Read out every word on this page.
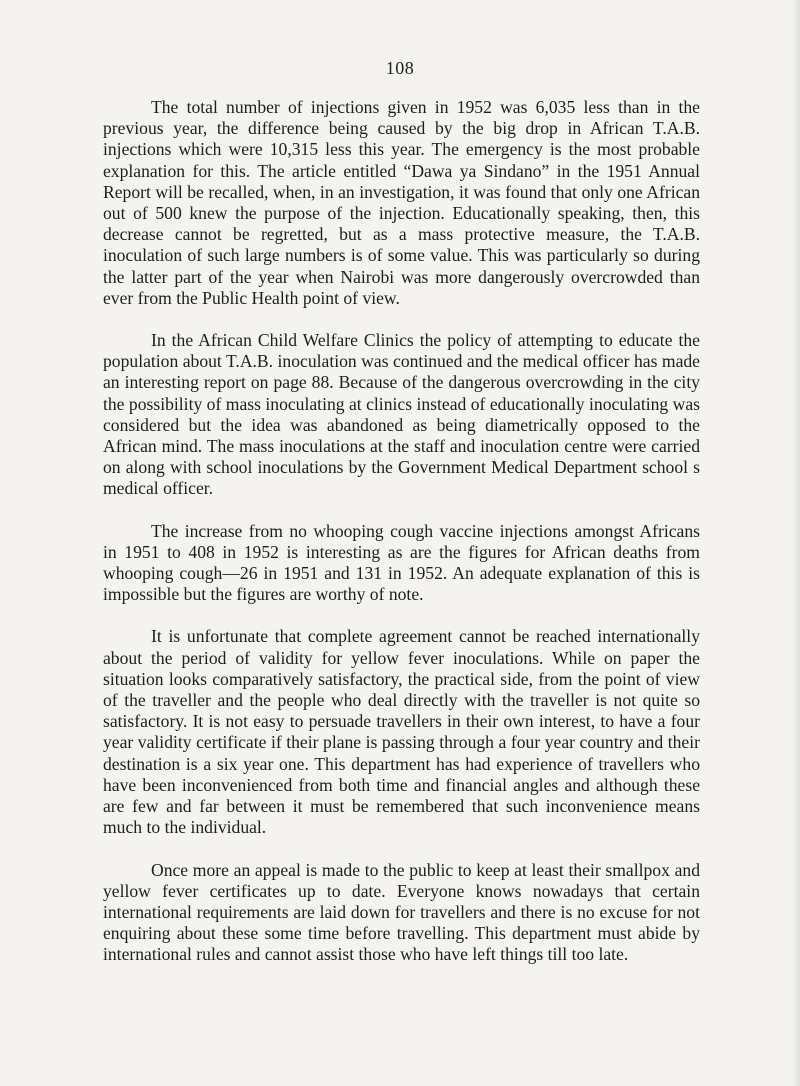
108

The total number of injections given in 1952 was 6,035 less than in the previous year, the difference being caused by the big drop in African T.A.B. injections which were 10,315 less this year. The emergency is the most probable explanation for this. The article entitled “Dawa ya Sindano” in the 1951 Annual Report will be recalled, when, in an investigation, it was found that only one African out of 500 knew the purpose of the injection. Educationally speaking, then, this decrease cannot be regretted, but as a mass protective measure, the T.A.B. inoculation of such large numbers is of some value. This was particularly so during the latter part of the year when Nairobi was more dangerously overcrowded than ever from the Public Health point of view.

In the African Child Welfare Clinics the policy of attempting to educate the population about T.A.B. inoculation was continued and the medical officer has made an interesting report on page 88. Because of the dangerous overcrowding in the city the possibility of mass inoculating at clinics instead of educationally inoculating was considered but the idea was abandoned as being diametrically opposed to the African mind. The mass inoculations at the staff and inoculation centre were carried on along with school inoculations by the Government Medical Department school s medical officer.

The increase from no whooping cough vaccine injections amongst Africans in 1951 to 408 in 1952 is interesting as are the figures for African deaths from whooping cough—26 in 1951 and 131 in 1952. An adequate explanation of this is impossible but the figures are worthy of note.

It is unfortunate that complete agreement cannot be reached internationally about the period of validity for yellow fever inoculations. While on paper the situation looks comparatively satisfactory, the practical side, from the point of view of the traveller and the people who deal directly with the traveller is not quite so satisfactory. It is not easy to persuade travellers in their own interest, to have a four year validity certificate if their plane is passing through a four year country and their destination is a six year one. This department has had experience of travellers who have been inconvenienced from both time and financial angles and although these are few and far between it must be remembered that such inconvenience means much to the individual.

Once more an appeal is made to the public to keep at least their smallpox and yellow fever certificates up to date. Everyone knows nowadays that certain international requirements are laid down for travellers and there is no excuse for not enquiring about these some time before travelling. This department must abide by international rules and cannot assist those who have left things till too late.
